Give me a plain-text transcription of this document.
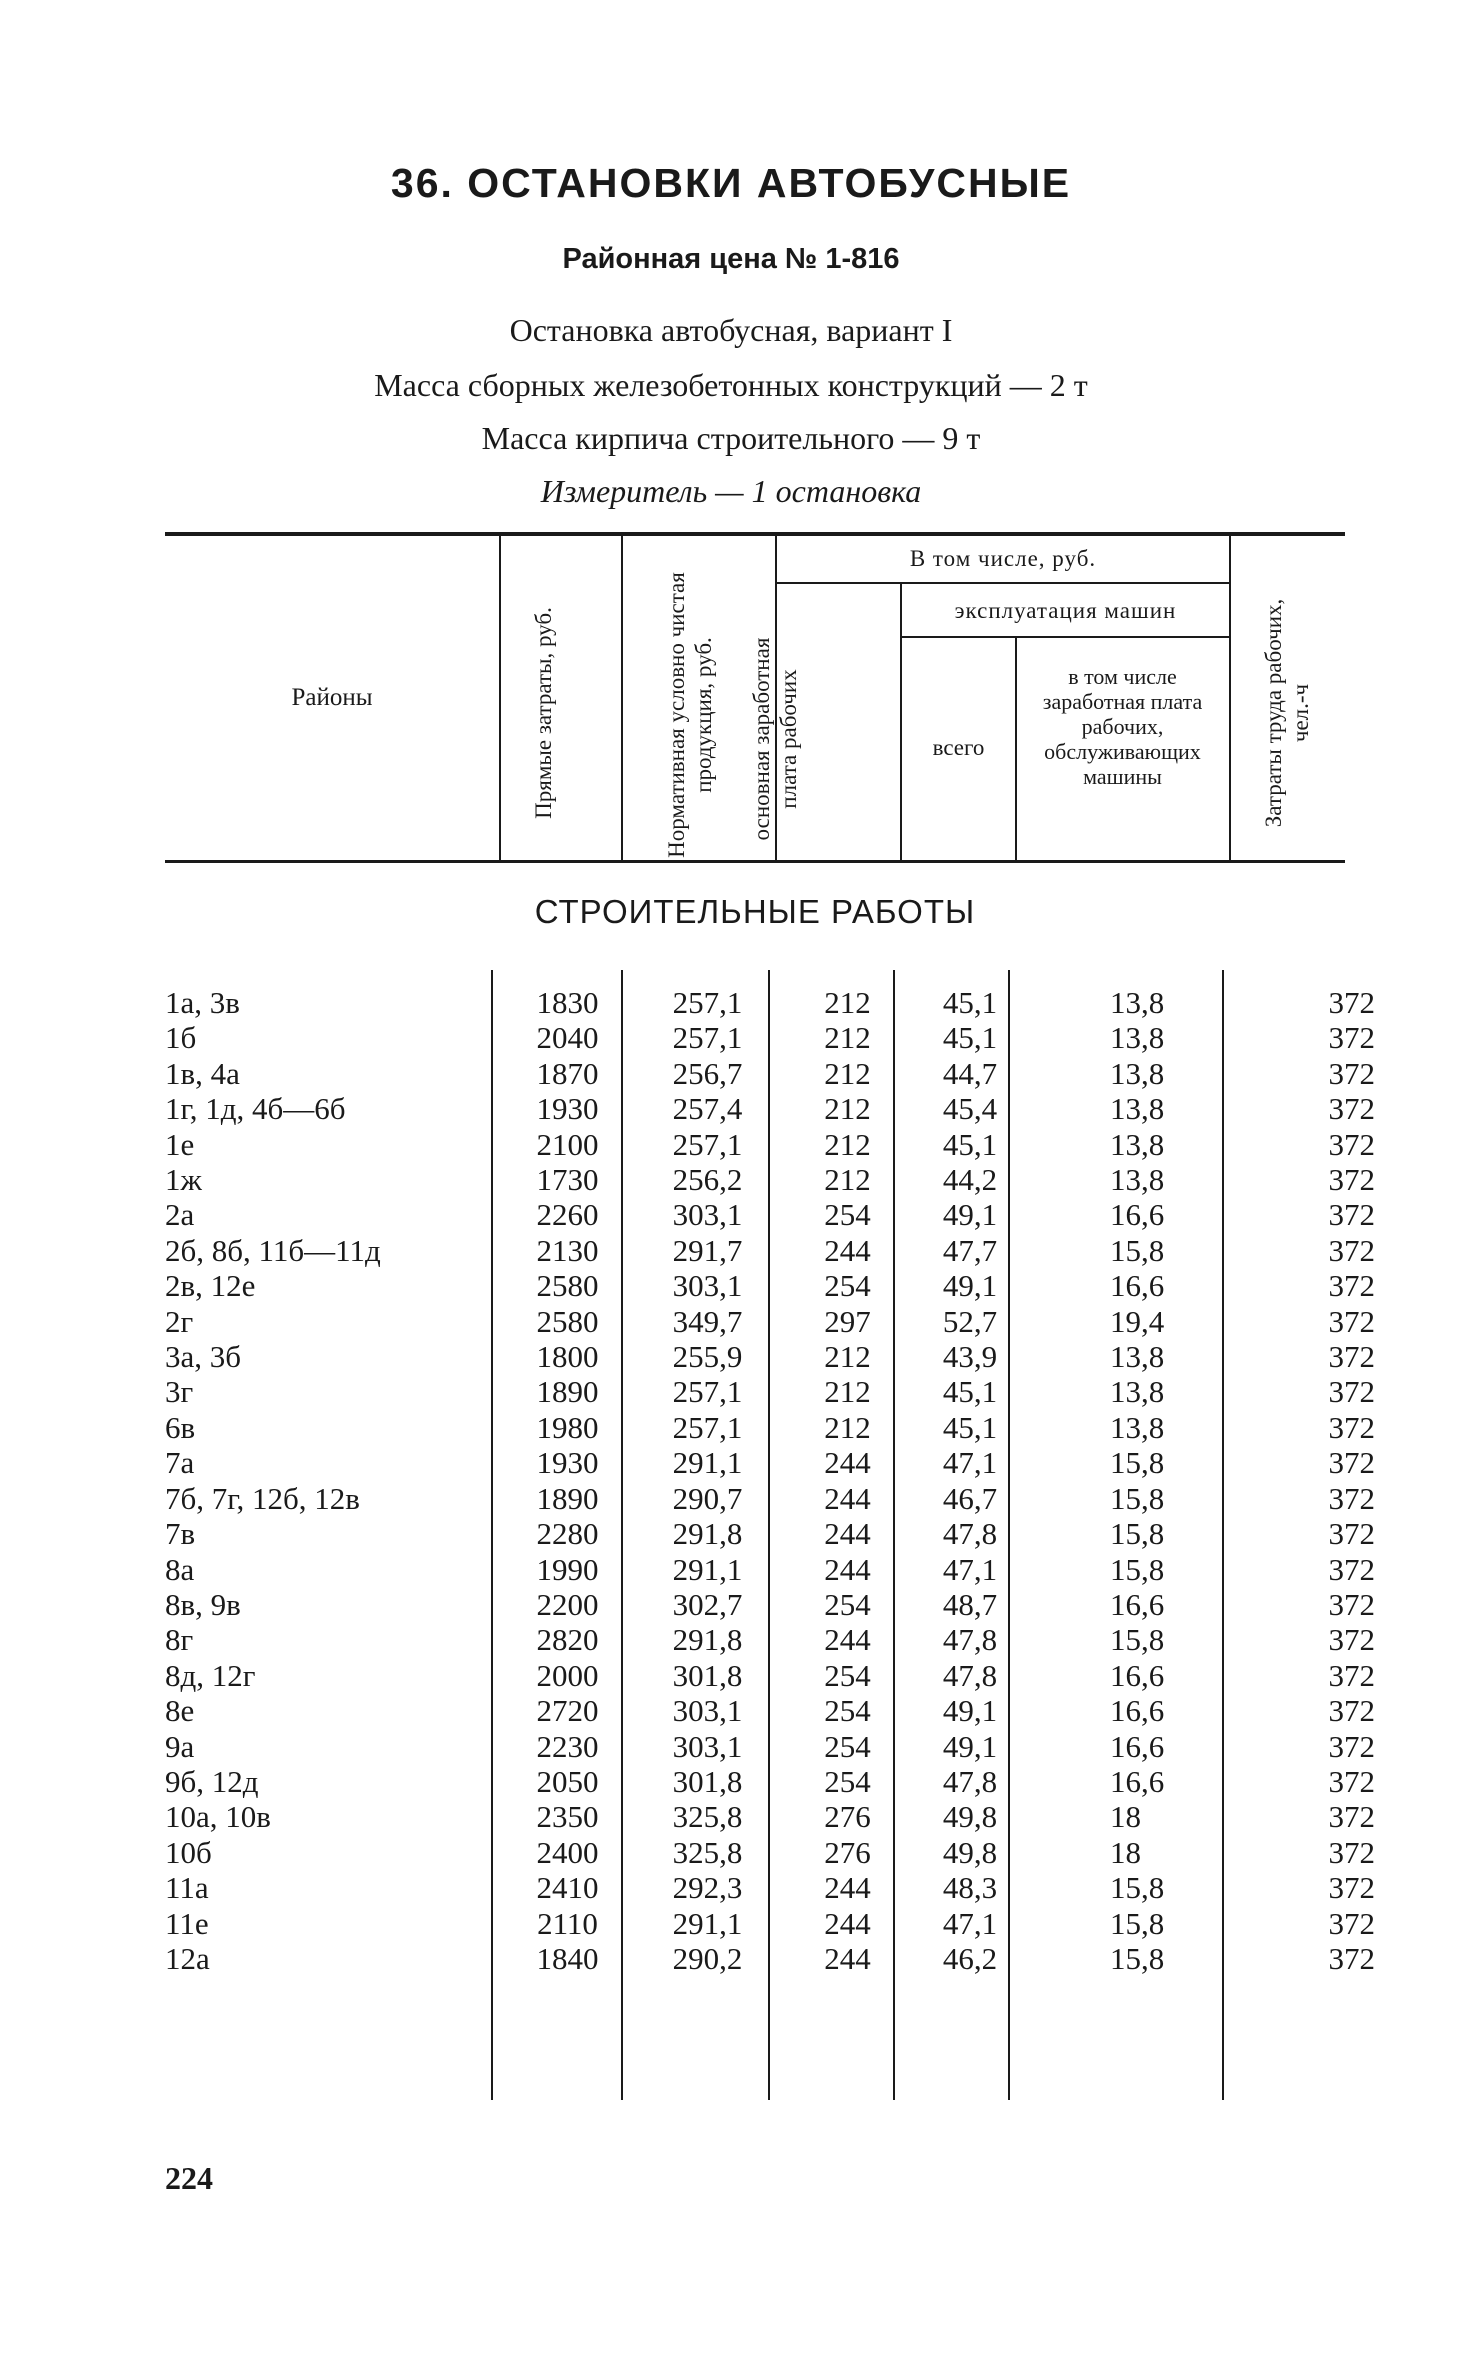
36. ОСТАНОВКИ АВТОБУСНЫЕ
Районная цена № 1-816
Остановка автобусная, вариант I
Масса сборных железобетонных конструкций — 2 т
Масса кирпича строительного — 9 т
Измеритель — 1 остановка
Районы	Прямые затраты, руб.	Нормативная условно чистая продукция, руб.
В том числе, руб.
основная заработная плата рабочих
эксплуатация машин
всего
в том числе заработная плата рабочих, обслуживающих машины	Затраты труда рабочих, чел.-ч
СТРОИТЕЛЬНЫЕ РАБОТЫ
1а, 3в	1830	257,1	212	45,1	13,8	372
1б	2040	257,1	212	45,1	13,8	372
1в, 4а	1870	256,7	212	44,7	13,8	372
1г, 1д, 4б—6б	1930	257,4	212	45,4	13,8	372
1е	2100	257,1	212	45,1	13,8	372
1ж	1730	256,2	212	44,2	13,8	372
2а	2260	303,1	254	49,1	16,6	372
2б, 8б, 11б—11д	2130	291,7	244	47,7	15,8	372
2в, 12е	2580	303,1	254	49,1	16,6	372
2г	2580	349,7	297	52,7	19,4	372
3а, 3б	1800	255,9	212	43,9	13,8	372
3г	1890	257,1	212	45,1	13,8	372
6в	1980	257,1	212	45,1	13,8	372
7а	1930	291,1	244	47,1	15,8	372
7б, 7г, 12б, 12в	1890	290,7	244	46,7	15,8	372
7в	2280	291,8	244	47,8	15,8	372
8а	1990	291,1	244	47,1	15,8	372
8в, 9в	2200	302,7	254	48,7	16,6	372
8г	2820	291,8	244	47,8	15,8	372
8д, 12г	2000	301,8	254	47,8	16,6	372
8е	2720	303,1	254	49,1	16,6	372
9а	2230	303,1	254	49,1	16,6	372
9б, 12д	2050	301,8	254	47,8	16,6	372
10а, 10в	2350	325,8	276	49,8	18	372
10б	2400	325,8	276	49,8	18	372
11а	2410	292,3	244	48,3	15,8	372
11е	2110	291,1	244	47,1	15,8	372
12а	1840	290,2	244	46,2	15,8	372
224
